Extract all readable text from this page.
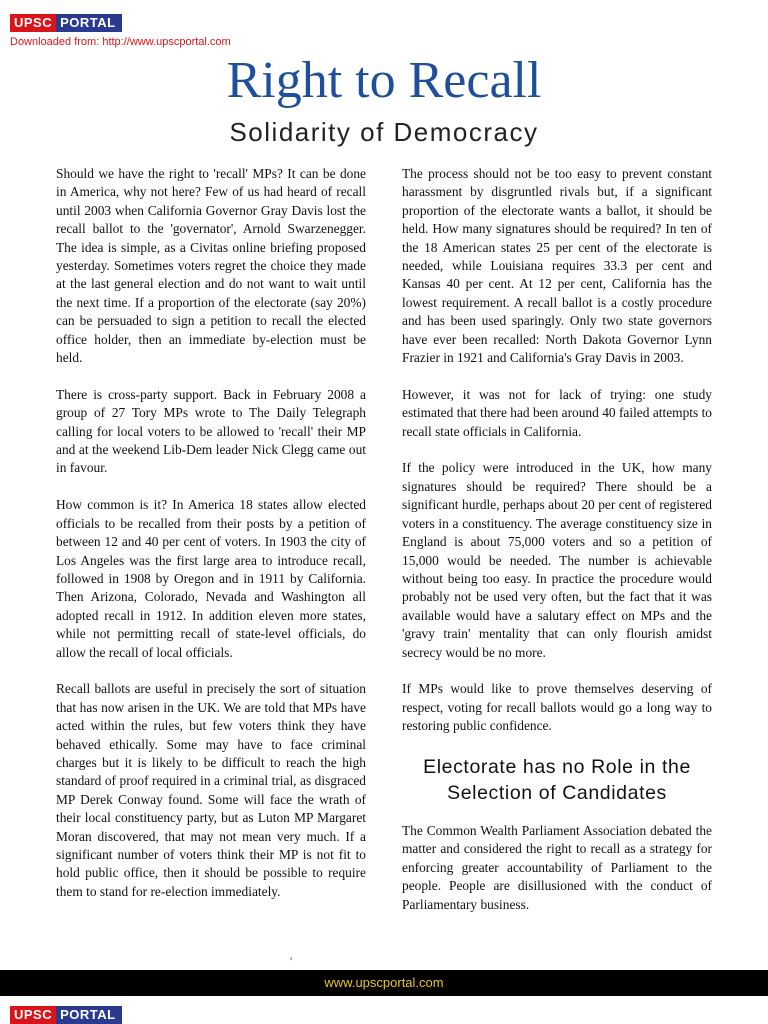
UPSC PORTAL
Downloaded from: http://www.upscportal.com
Right to Recall
Solidarity of Democracy

Should we have the right to 'recall' MPs? It can be done in America, why not here? Few of us had heard of recall until 2003 when California Governor Gray Davis lost the recall ballot to the 'governator', Arnold Swarzenegger. The idea is simple, as a Civitas online briefing proposed yesterday. Sometimes voters regret the choice they made at the last general election and do not want to wait until the next time. If a proportion of the electorate (say 20%) can be persuaded to sign a petition to recall the elected office holder, then an immediate by-election must be held.

There is cross-party support. Back in February 2008 a group of 27 Tory MPs wrote to The Daily Telegraph calling for local voters to be allowed to 'recall' their MP and at the weekend Lib-Dem leader Nick Clegg came out in favour.

How common is it? In America 18 states allow elected officials to be recalled from their posts by a petition of between 12 and 40 per cent of voters. In 1903 the city of Los Angeles was the first large area to introduce recall, followed in 1908 by Oregon and in 1911 by California. Then Arizona, Colorado, Nevada and Washington all adopted recall in 1912. In addition eleven more states, while not permitting recall of state-level officials, do allow the recall of local officials.

Recall ballots are useful in precisely the sort of situation that has now arisen in the UK. We are told that MPs have acted within the rules, but few voters think they have behaved ethically. Some may have to face criminal charges but it is likely to be difficult to reach the high standard of proof required in a criminal trial, as disgraced MP Derek Conway found. Some will face the wrath of their local constituency party, but as Luton MP Margaret Moran discovered, that may not mean very much. If a significant number of voters think their MP is not fit to hold public office, then it should be possible to require them to stand for re-election immediately.

The process should not be too easy to prevent constant harassment by disgruntled rivals but, if a significant proportion of the electorate wants a ballot, it should be held. How many signatures should be required? In ten of the 18 American states 25 per cent of the electorate is needed, while Louisiana requires 33.3 per cent and Kansas 40 per cent. At 12 per cent, California has the lowest requirement. A recall ballot is a costly procedure and has been used sparingly. Only two state governors have ever been recalled: North Dakota Governor Lynn Frazier in 1921 and California's Gray Davis in 2003.

However, it was not for lack of trying: one study estimated that there had been around 40 failed attempts to recall state officials in California.

If the policy were introduced in the UK, how many signatures should be required? There should be a significant hurdle, perhaps about 20 per cent of registered voters in a constituency. The average constituency size in England is about 75,000 voters and so a petition of 15,000 would be needed. The number is achievable without being too easy. In practice the procedure would probably not be used very often, but the fact that it was available would have a salutary effect on MPs and the 'gravy train' mentality that can only flourish amidst secrecy would be no more.

If MPs would like to prove themselves deserving of respect, voting for recall ballots would go a long way to restoring public confidence.

Electorate has no Role in the Selection of Candidates

The Common Wealth Parliament Association debated the matter and considered the right to recall as a strategy for enforcing greater accountability of Parliament to the people. People are disillusioned with the conduct of Parliamentary business.

'
www.upscportal.com
UPSC PORTAL
